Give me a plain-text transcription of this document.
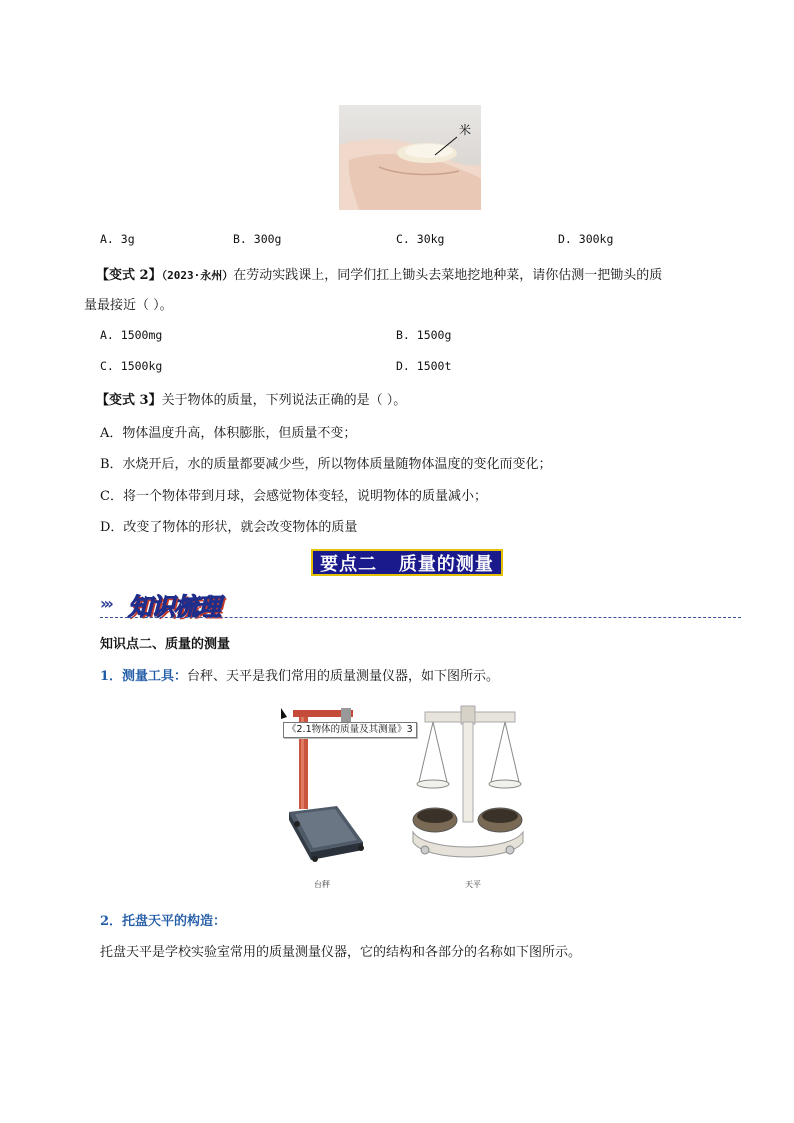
米
A. 3g	B. 300g	C. 30kg	D. 300kg
【变式 2】（2023·永州）在劳动实践课上，同学们扛上锄头去菜地挖地种菜，请你估测一把锄头的质
量最接近（ ）。
A. 1500mg	B. 1500g
C. 1500kg	D. 1500t
【变式 3】关于物体的质量，下列说法正确的是（ ）。
A．物体温度升高，体积膨胀，但质量不变；
B．水烧开后，水的质量都要减少些，所以物体质量随物体温度的变化而变化；
C．将一个物体带到月球，会感觉物体变轻，说明物体的质量减小；
D．改变了物体的形状，就会改变物体的质量
要点二   质量的测量
››› 知识梳理
知识点二、质量的测量
1．测量工具：台秤、天平是我们常用的质量测量仪器，如下图所示。
《2.1物体的质量及其测量》3
台秤	天平
2．托盘天平的构造：
托盘天平是学校实验室常用的质量测量仪器，它的结构和各部分的名称如下图所示。
